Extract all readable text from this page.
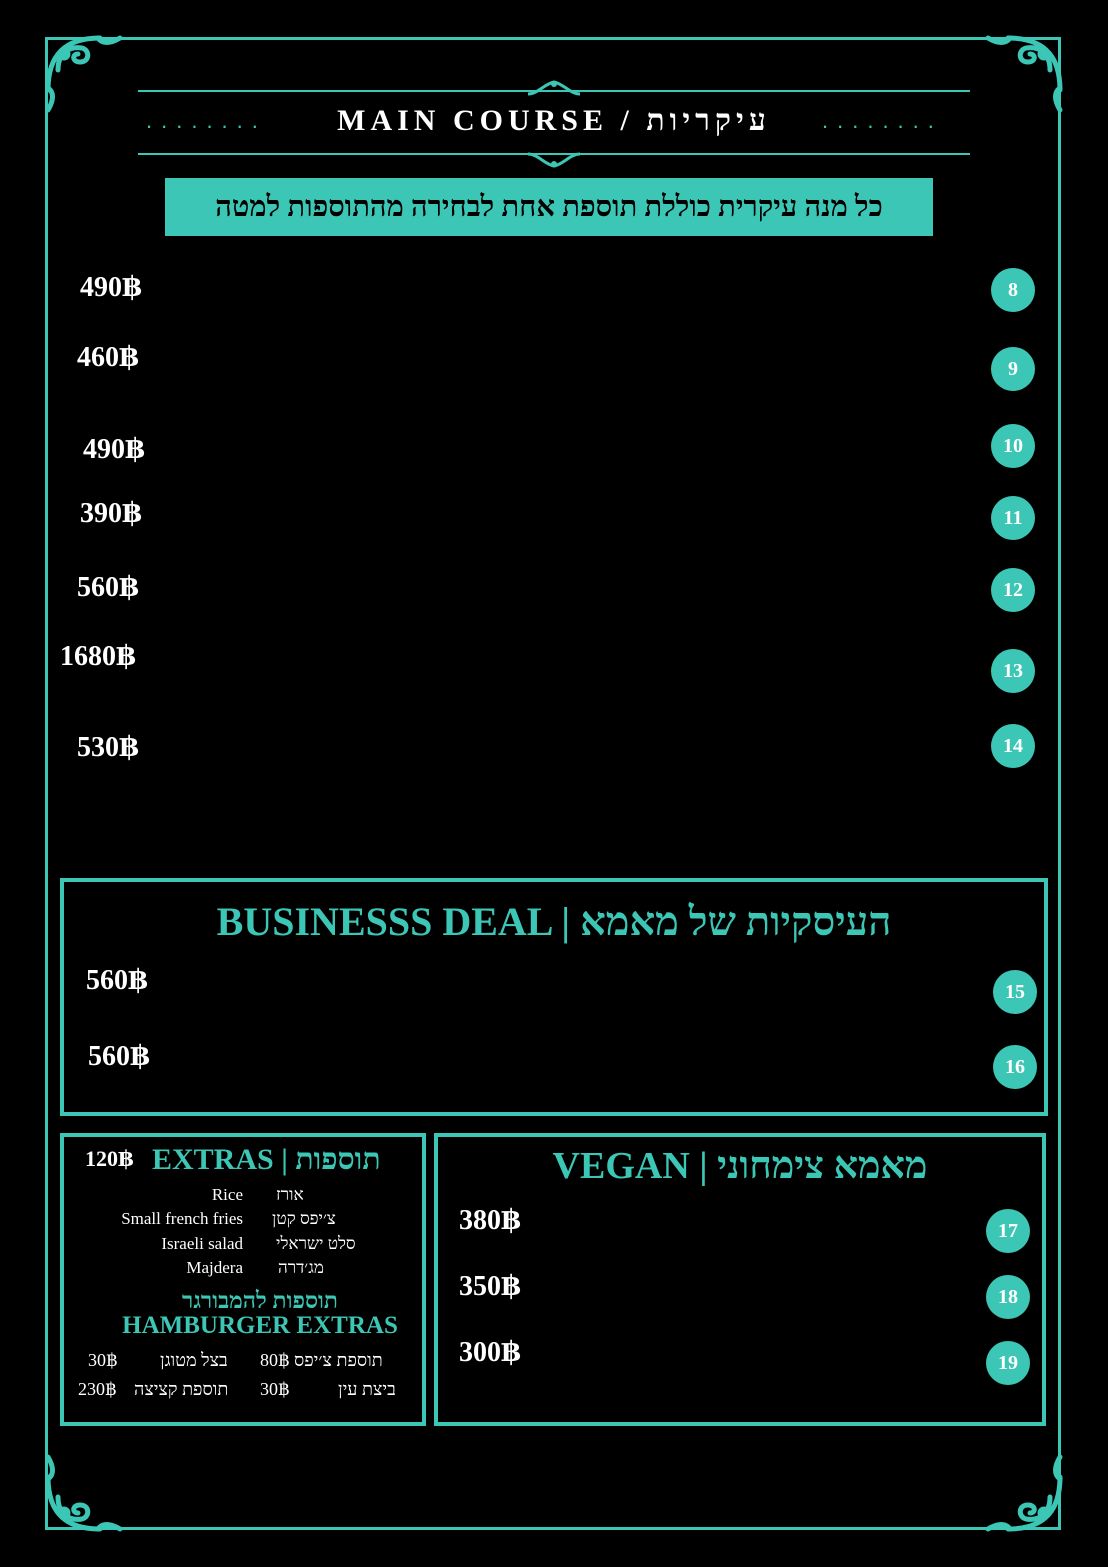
........	MAIN COURSE / עיקריות	........
כל מנה עיקרית כוללת תוספת אחת לבחירה מהתוספות למטה
8
490฿
9
460฿
10
490฿
11
390฿
12
560฿
13
1680฿
14
530฿
BUSINESSS DEAL | העיסקיות של מאמא
15
560฿
16
560฿
120฿ EXTRAS | תוספות
Rice אורז
Small french fries צ׳יפס קטן
Israeli salad סלט ישראלי
Majdera מג׳דרה
תוספות להמבורגר
HAMBURGER EXTRAS
80฿ תוספת צ׳יפס
30฿ בצל מטוגן
30฿	ביצת עין
230฿ תוספת קציצה
VEGAN | מאמא צימחוני
17
380฿
18
350฿
19
300฿
